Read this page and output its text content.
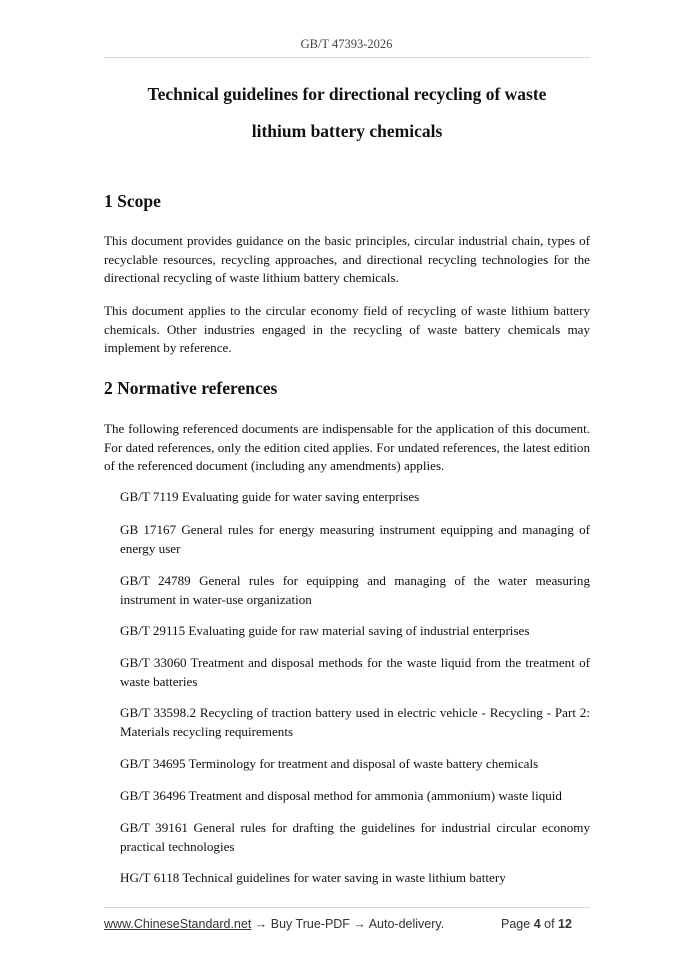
GB/T 47393-2026
Technical guidelines for directional recycling of waste
lithium battery chemicals
1 Scope

This document provides guidance on the basic principles, circular industrial chain, types of recyclable resources, recycling approaches, and directional recycling technologies for the directional recycling of waste lithium battery chemicals.

This document applies to the circular economy field of recycling of waste lithium battery chemicals. Other industries engaged in the recycling of waste battery chemicals may implement by reference.

2 Normative references

The following referenced documents are indispensable for the application of this document. For dated references, only the edition cited applies. For undated references, the latest edition of the referenced document (including any amendments) applies.

GB/T 7119 Evaluating guide for water saving enterprises

GB 17167 General rules for energy measuring instrument equipping and managing of energy user

GB/T 24789 General rules for equipping and managing of the water measuring instrument in water-use organization

GB/T 29115 Evaluating guide for raw material saving of industrial enterprises

GB/T 33060 Treatment and disposal methods for the waste liquid from the treatment of waste batteries

GB/T 33598.2 Recycling of traction battery used in electric vehicle - Recycling - Part 2: Materials recycling requirements

GB/T 34695 Terminology for treatment and disposal of waste battery chemicals

GB/T 36496 Treatment and disposal method for ammonia (ammonium) waste liquid

GB/T 39161 General rules for drafting the guidelines for industrial circular economy practical technologies

HG/T 6118 Technical guidelines for water saving in waste lithium battery

www.ChineseStandard.net → Buy True-PDF → Auto-delivery.	Page 4 of 12
